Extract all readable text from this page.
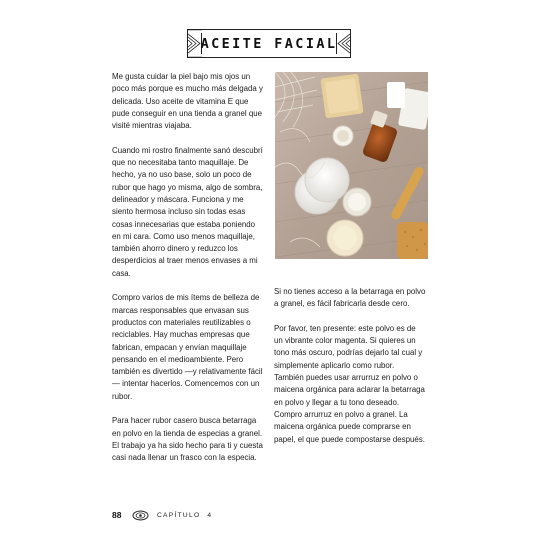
ACEITE FACIAL

Me gusta cuidar la piel bajo mis ojos un poco más porque es mucho más delgada y delicada. Uso aceite de vitamina E que pude conseguir en una tienda a granel que visité mientras viajaba.

Cuando mi rostro finalmente sanó descubrí que no necesitaba tanto maquillaje. De hecho, ya no uso base, solo un poco de rubor que hago yo misma, algo de sombra, delineador y máscara. Funciona y me siento hermosa incluso sin todas esas cosas innecesarias que estaba poniendo en mi cara. Como uso menos maquillaje, también ahorro dinero y reduzco los desperdicios al traer menos envases a mi casa.

Compro varios de mis ítems de belleza de marcas responsables que envasan sus productos con materiales reutilizables o reciclables. Hay muchas empresas que fabrican, empacan y envían maquillaje pensando en el medioambiente. Pero también es divertido —y relativamente fácil— intentar hacerlos. Comencemos con un rubor.

Para hacer rubor casero busca betarraga en polvo en la tienda de especias a granel. El trabajo ya ha sido hecho para ti y cuesta casi nada llenar un frasco con la especia.

Si no tienes acceso a la betarraga en polvo a granel, es fácil fabricarla desde cero.

Por favor, ten presente: este polvo es de un vibrante color magenta. Si quieres un tono más oscuro, podrías dejarlo tal cual y simplemente aplicarlo como rubor. También puedes usar arrurruz en polvo o maicena orgánica para aclarar la betarraga en polvo y llegar a tu tono deseado. Compro arrurruz en polvo a granel. La maicena orgánica puede comprarse en papel, el que puede compostarse después.

88	CAPÍTULO 4
